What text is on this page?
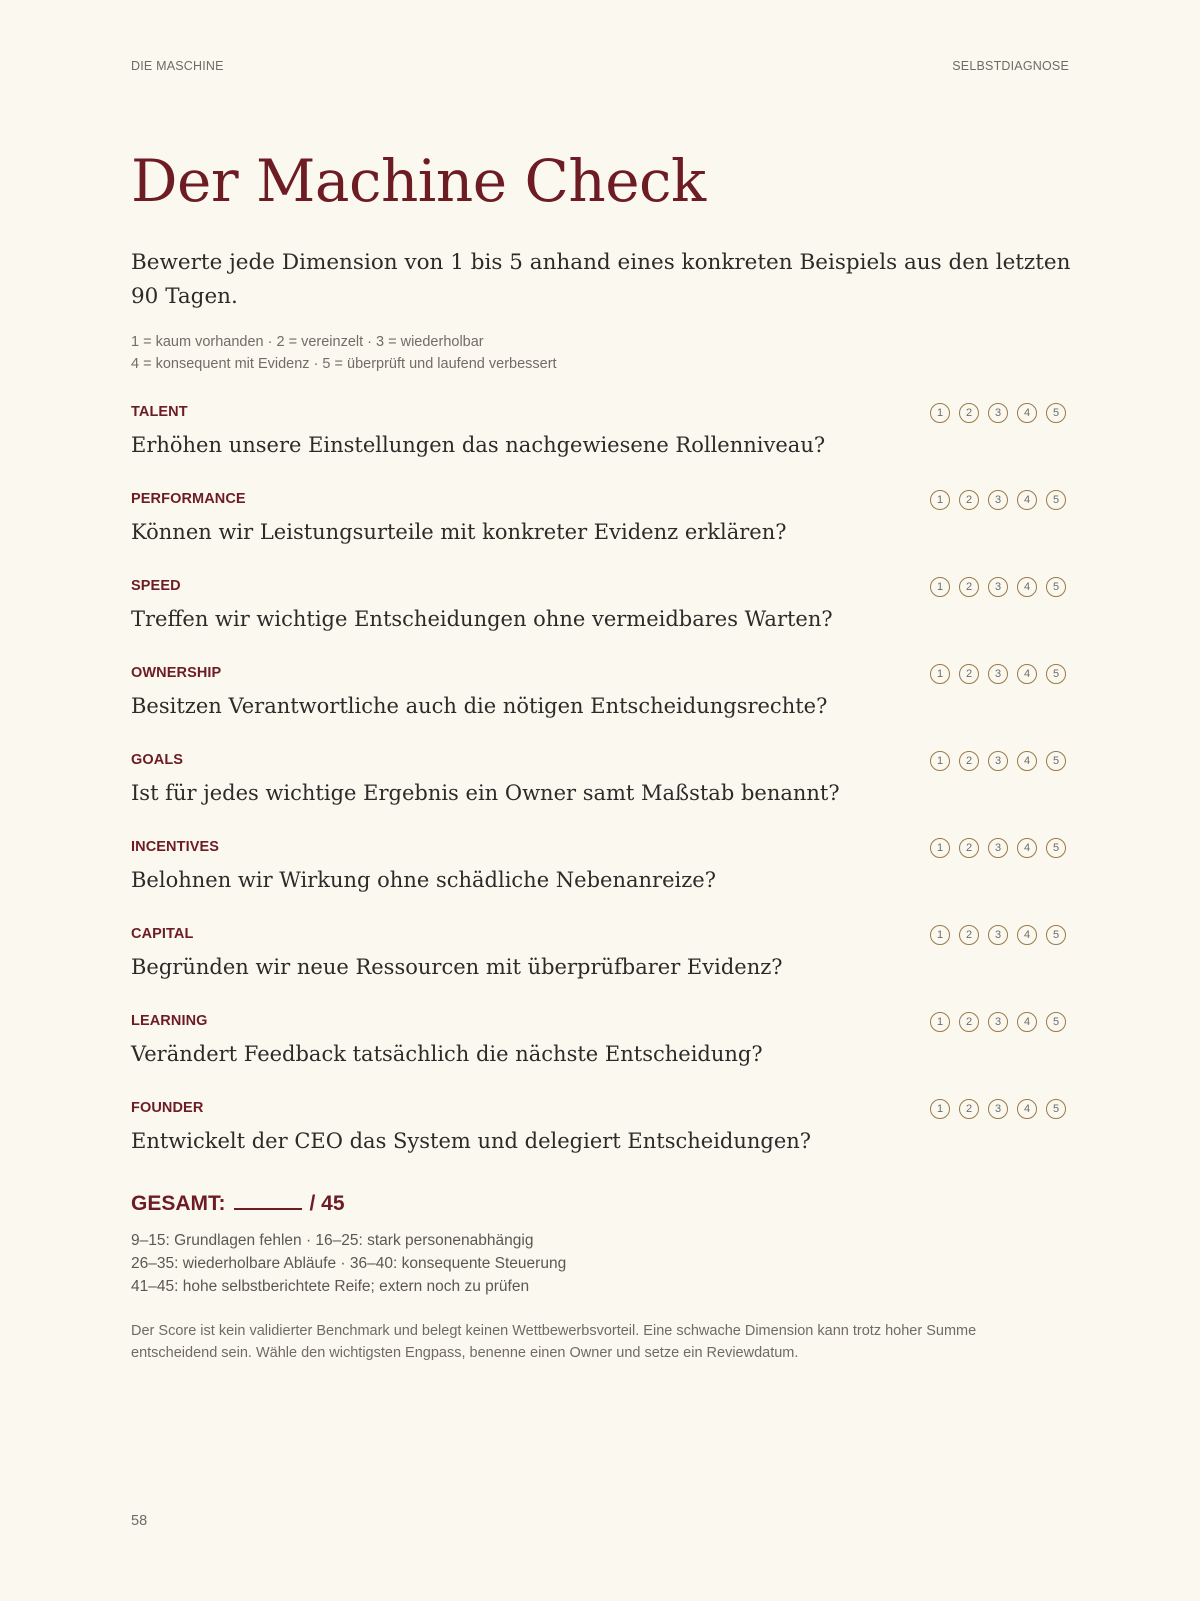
DIE MASCHINE	SELBSTDIAGNOSE
Der Machine Check

Bewerte jede Dimension von 1 bis 5 anhand eines konkreten Beispiels aus den letzten 90 Tagen.

1 = kaum vorhanden · 2 = vereinzelt · 3 = wiederholbar
4 = konsequent mit Evidenz · 5 = überprüft und laufend verbessert

TALENT
Erhöhen unsere Einstellungen das nachgewiesene Rollenniveau?
1	2	3	4	5
PERFORMANCE
Können wir Leistungsurteile mit konkreter Evidenz erklären?
1	2	3	4	5
SPEED
Treffen wir wichtige Entscheidungen ohne vermeidbares Warten?
1	2	3	4	5
OWNERSHIP
Besitzen Verantwortliche auch die nötigen Entscheidungsrechte?
1	2	3	4	5
GOALS
Ist für jedes wichtige Ergebnis ein Owner samt Maßstab benannt?
1	2	3	4	5
INCENTIVES
Belohnen wir Wirkung ohne schädliche Nebenanreize?
1	2	3	4	5
CAPITAL
Begründen wir neue Ressourcen mit überprüfbarer Evidenz?
1	2	3	4	5
LEARNING
Verändert Feedback tatsächlich die nächste Entscheidung?
1	2	3	4	5
FOUNDER
Entwickelt der CEO das System und delegiert Entscheidungen?
1	2	3	4	5

GESAMT:	/ 45

9–15: Grundlagen fehlen · 16–25: stark personenabhängig
26–35: wiederholbare Abläufe · 36–40: konsequente Steuerung
41–45: hohe selbstberichtete Reife; extern noch zu prüfen

Der Score ist kein validierter Benchmark und belegt keinen Wettbewerbsvorteil. Eine schwache Dimension kann trotz hoher Summe entscheidend sein. Wähle den wichtigsten Engpass, benenne einen Owner und setze ein Reviewdatum.

58
